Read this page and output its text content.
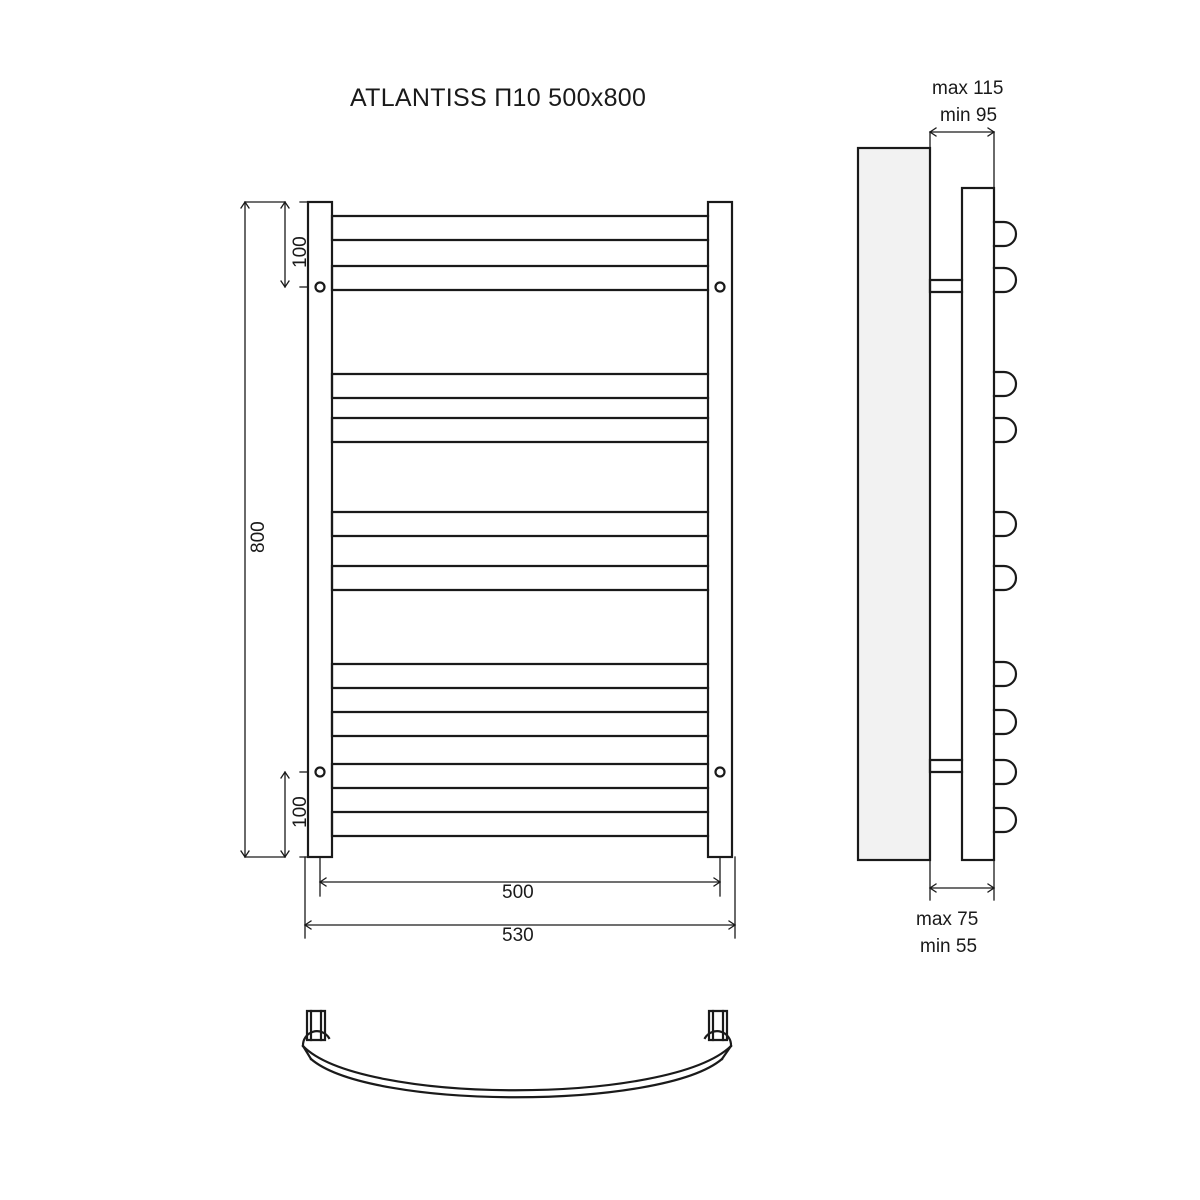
ATLANTISS П10 500x800
100
800
100
500
530
max 115
min 95
max 75
min 55
